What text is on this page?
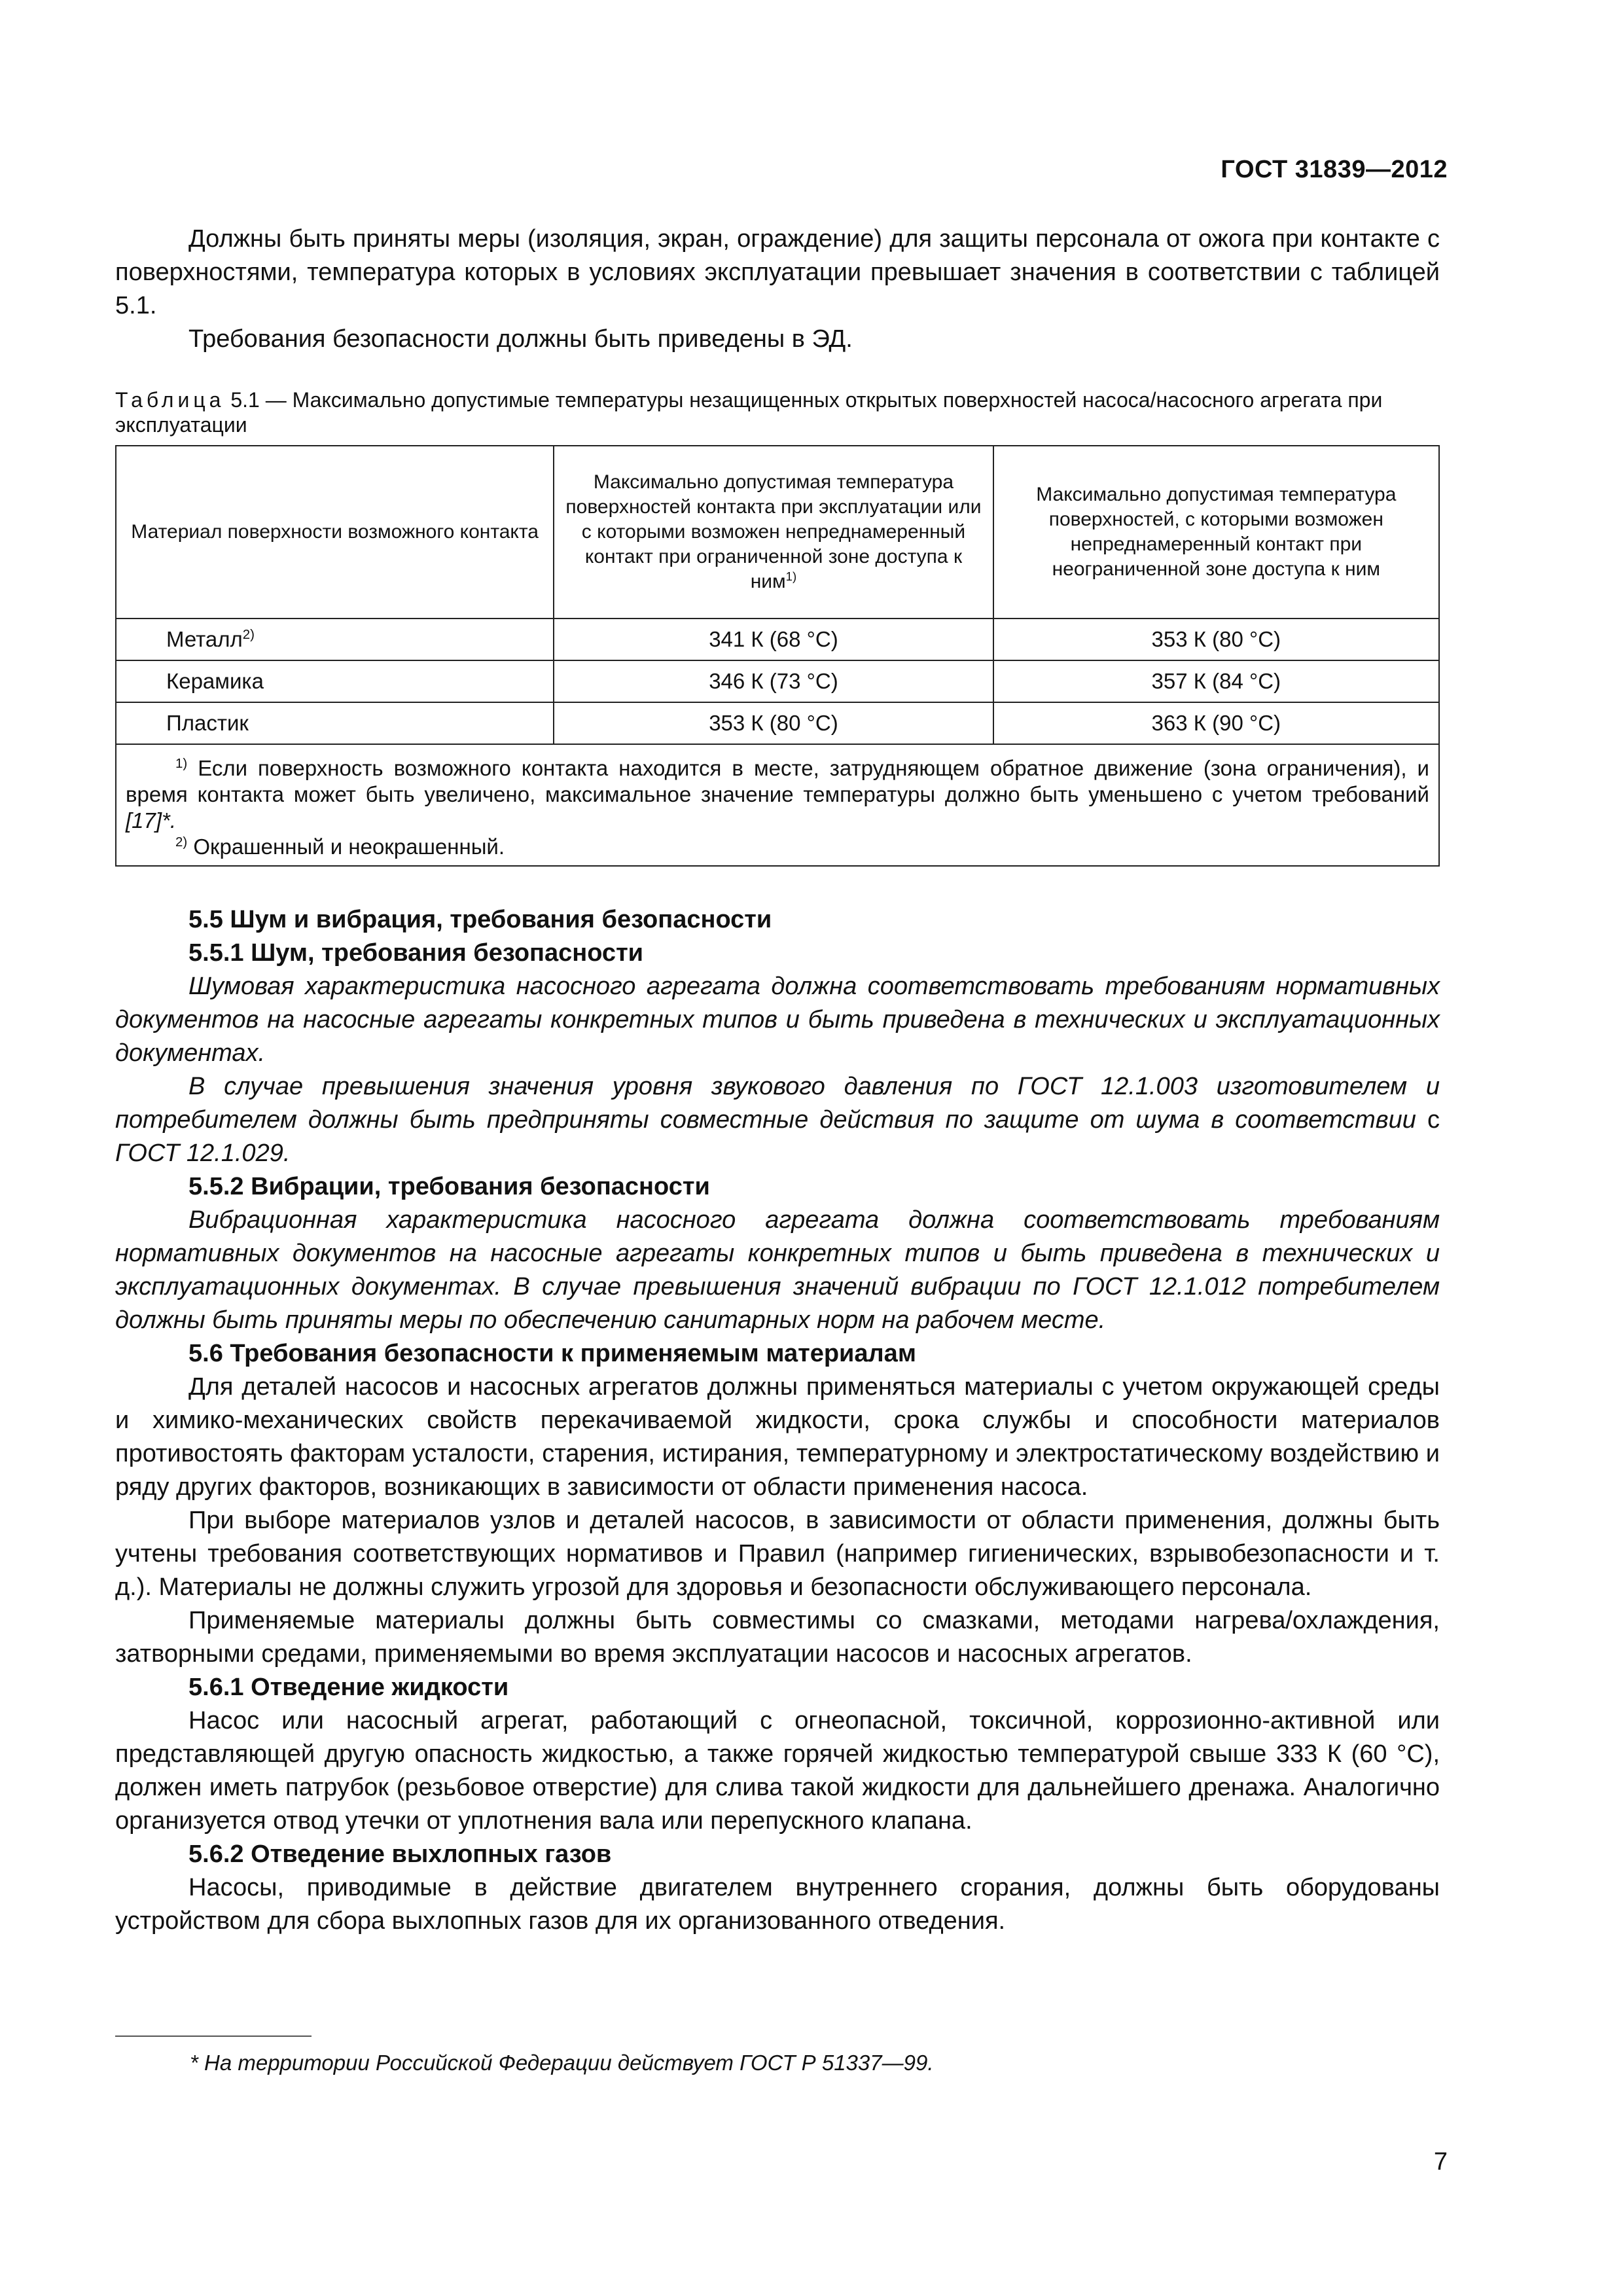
ГОСТ 31839—2012

Должны быть приняты меры (изоляция, экран, ограждение) для защиты персонала от ожога при контакте с поверхностями, температура которых в условиях эксплуатации превышает значения в соответствии с таблицей 5.1.

Требования безопасности должны быть приведены в ЭД.

Таблица 5.1 — Максимально допустимые температуры незащищенных открытых поверхностей насоса/насосного агрегата при эксплуатации
Материал поверхности возможного контакта	Максимально допустимая температура поверхностей контакта при эксплуатации или с которыми возможен непреднамеренный контакт при ограниченной зоне доступа к ним$^{1)}$	Максимально допустимая температура поверхностей, с которыми возможен непреднамеренный контакт при неограниченной зоне доступа к ним
Металл$^{2)}$	341 К (68 °С)	353 К (80 °С)
Керамика	346 К (73 °С)	357 К (84 °С)
Пластик	353 К (80 °С)	363 К (90 °С)

$^{1)}$ Если поверхность возможного контакта находится в месте, затрудняющем обратное движение (зона ограничения), и время контакта может быть увеличено, максимальное значение температуры должно быть уменьшено с учетом требований [17]*.
$^{2)}$ Окрашенный и неокрашенный.		
5.5 Шум и вибрация, требования безопасности
5.5.1 Шум, требования безопасности

Шумовая характеристика насосного агрегата должна соответствовать требованиям нормативных документов на насосные агрегаты конкретных типов и быть приведена в технических и эксплуатационных документах.

В случае превышения значения уровня звукового давления по ГОСТ 12.1.003 изготовителем и потребителем должны быть предприняты совместные действия по защите от шума в соответствии с ГОСТ 12.1.029.

5.5.2 Вибрации, требования безопасности

Вибрационная характеристика насосного агрегата должна соответствовать требованиям нормативных документов на насосные агрегаты конкретных типов и быть приведена в технических и эксплуатационных документах. В случае превышения значений вибрации по ГОСТ 12.1.012 потребителем должны быть приняты меры по обеспечению санитарных норм на рабочем месте.

5.6 Требования безопасности к применяемым материалам

Для деталей насосов и насосных агрегатов должны применяться материалы с учетом окружающей среды и химико-механических свойств перекачиваемой жидкости, срока службы и способности материалов противостоять факторам усталости, старения, истирания, температурному и электростатическому воздействию и ряду других факторов, возникающих в зависимости от области применения насоса.

При выборе материалов узлов и деталей насосов, в зависимости от области применения, должны быть учтены требования соответствующих нормативов и Правил (например гигиенических, взрывобезопасности и т. д.). Материалы не должны служить угрозой для здоровья и безопасности обслуживающего персонала.

Применяемые материалы должны быть совместимы со смазками, методами нагрева/охлаждения, затворными средами, применяемыми во время эксплуатации насосов и насосных агрегатов.

5.6.1 Отведение жидкости

Насос или насосный агрегат, работающий с огнеопасной, токсичной, коррозионно-активной или представляющей другую опасность жидкостью, а также горячей жидкостью температурой свыше 333 К (60 °С), должен иметь патрубок (резьбовое отверстие) для слива такой жидкости для дальнейшего дренажа. Аналогично организуется отвод утечки от уплотнения вала или перепускного клапана.

5.6.2 Отведение выхлопных газов

Насосы, приводимые в действие двигателем внутреннего сгорания, должны быть оборудованы устройством для сбора выхлопных газов для их организованного отведения.

* На территории Российской Федерации действует ГОСТ Р 51337—99.
7
